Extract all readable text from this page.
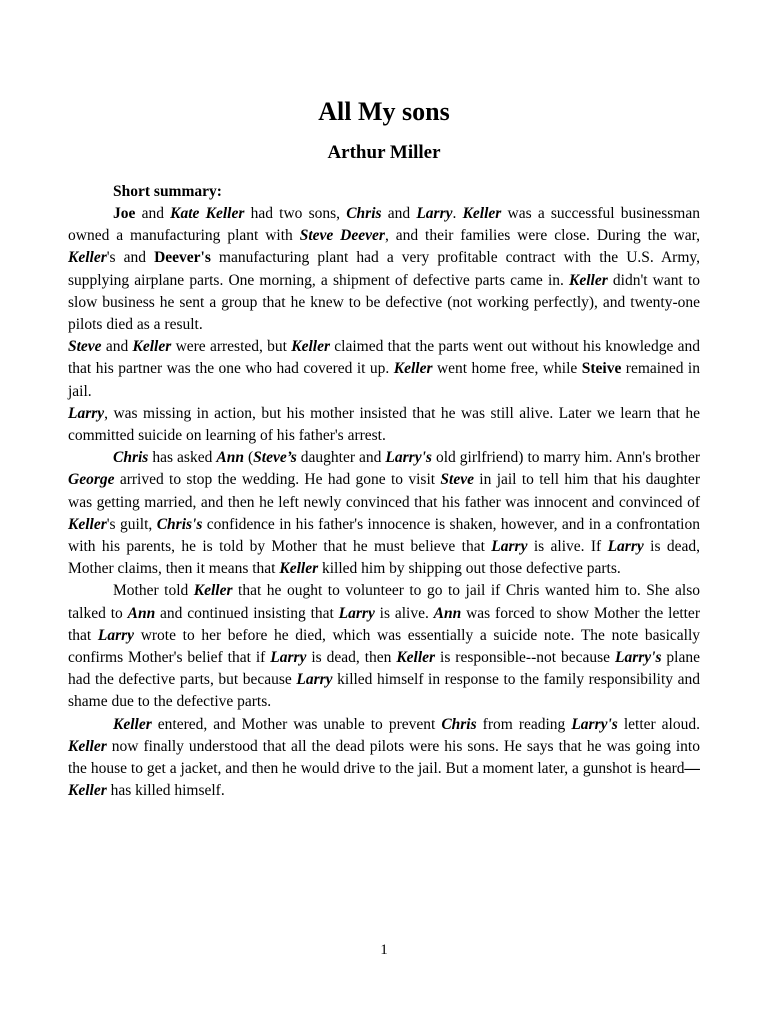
All My sons
Arthur Miller
Short summary:

Joe and Kate Keller had two sons, Chris and Larry. Keller was a successful businessman owned a manufacturing plant with Steve Deever, and their families were close. During the war, Keller's and Deever's manufacturing plant had a very profitable contract with the U.S. Army, supplying airplane parts. One morning, a shipment of defective parts came in. Keller didn't want to slow business he sent a group that he knew to be defective (not working perfectly), and twenty-one pilots died as a result.

Steve and Keller were arrested, but Keller claimed that the parts went out without his knowledge and that his partner was the one who had covered it up. Keller went home free, while Steive remained in jail.

Larry, was missing in action, but his mother insisted that he was still alive. Later we learn that he committed suicide on learning of his father's arrest.

Chris has asked Ann (Steve’s daughter and Larry's old girlfriend) to marry him. Ann's brother George arrived to stop the wedding. He had gone to visit Steve in jail to tell him that his daughter was getting married, and then he left newly convinced that his father was innocent and convinced of Keller's guilt, Chris's confidence in his father's innocence is shaken, however, and in a confrontation with his parents, he is told by Mother that he must believe that Larry is alive. If Larry is dead, Mother claims, then it means that Keller killed him by shipping out those defective parts.

Mother told Keller that he ought to volunteer to go to jail if Chris wanted him to. She also talked to Ann and continued insisting that Larry is alive. Ann was forced to show Mother the letter that Larry wrote to her before he died, which was essentially a suicide note. The note basically confirms Mother's belief that if Larry is dead, then Keller is responsible--not because Larry's plane had the defective parts, but because Larry killed himself in response to the family responsibility and shame due to the defective parts.

Keller entered, and Mother was unable to prevent Chris from reading Larry's letter aloud. Keller now finally understood that all the dead pilots were his sons. He says that he was going into the house to get a jacket, and then he would drive to the jail. But a moment later, a gunshot is heard—Keller has killed himself.

1
